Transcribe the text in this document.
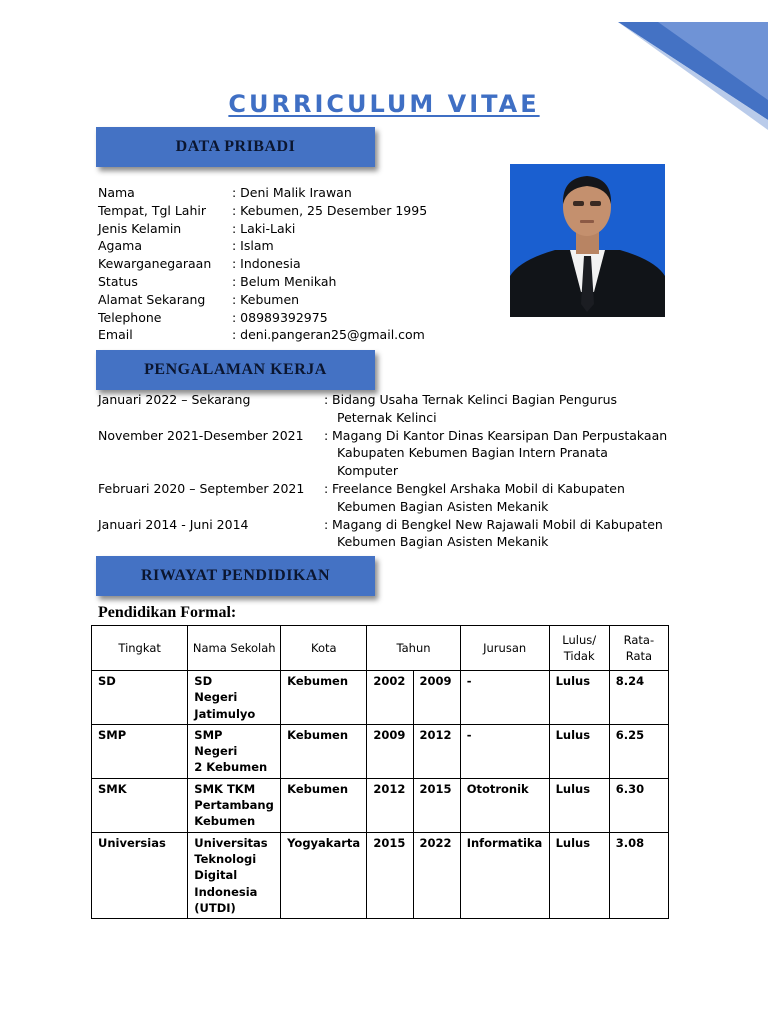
CURRICULUM VITAE
DATA PRIBADI
Nama	: Deni Malik Irawan
Tempat, Tgl Lahir	: Kebumen, 25 Desember 1995
Jenis Kelamin	: Laki-Laki
Agama	: Islam
Kewarganegaraan	: Indonesia
Status	: Belum Menikah
Alamat Sekarang	: Kebumen
Telephone	: 08989392975
Email	: deni.pangeran25@gmail.com
PENGALAMAN KERJA
Januari 2022 – Sekarang	: Bidang Usaha Ternak Kelinci Bagian Pengurus
Peternak Kelinci
November 2021-Desember 2021	: Magang Di Kantor Dinas Kearsipan Dan Perpustakaan
Kabupaten Kebumen Bagian Intern Pranata
Komputer
Februari 2020 – September 2021	: Freelance Bengkel Arshaka Mobil di Kabupaten
Kebumen Bagian Asisten Mekanik
Januari 2014 - Juni 2014	: Magang di Bengkel New Rajawali Mobil di Kabupaten
Kebumen Bagian Asisten Mekanik
RIWAYAT PENDIDIKAN
Pendidikan Formal:
Tingkat	Nama Sekolah	Kota	Tahun		Jurusan	Lulus/ Tidak	Rata-Rata
SD	SD
Negeri
Jatimulyo	Kebumen	2002	2009	-	Lulus	8.24
SMP	SMP
Negeri
2 Kebumen	Kebumen	2009	2012	-	Lulus	6.25
SMK	SMK TKM
Pertambang
Kebumen	Kebumen	2012	2015	Ototronik	Lulus	6.30
Universias	Universitas
Teknologi
Digital
Indonesia
(UTDI)	Yogyakarta	2015	2022	Informatika	Lulus	3.08
